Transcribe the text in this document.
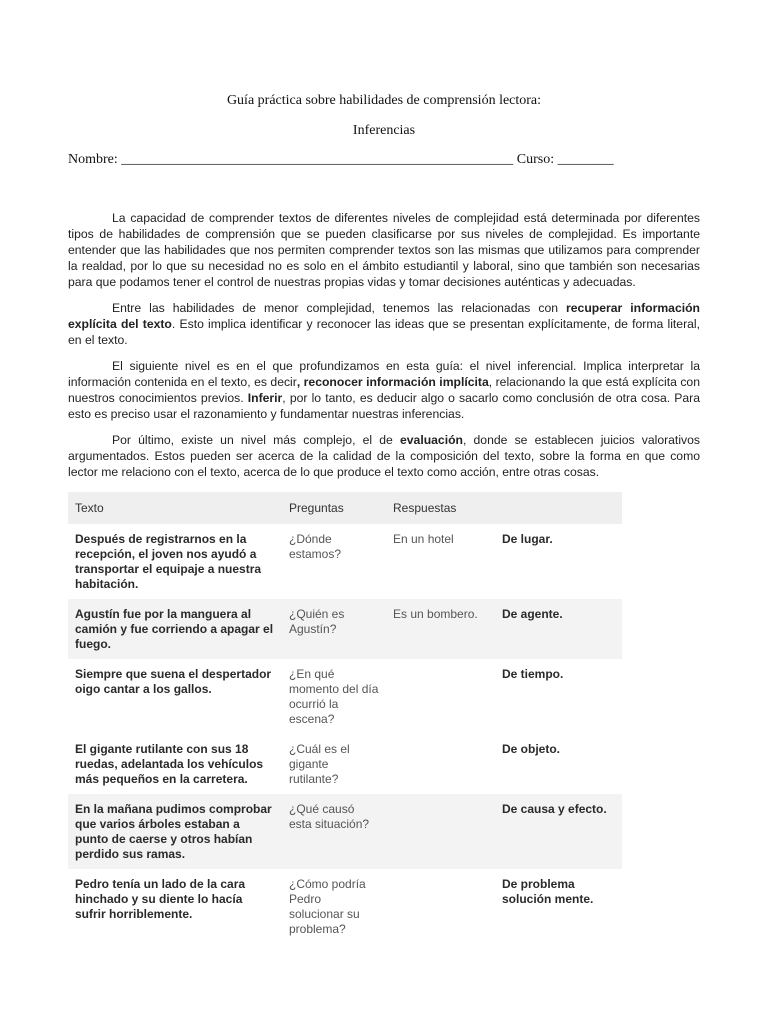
Guía práctica sobre habilidades de comprensión lectora:
Inferencias
Nombre: ________________________________________________________ Curso: ________

La capacidad de comprender textos de diferentes niveles de complejidad está determinada por diferentes tipos de habilidades de comprensión que se pueden clasificarse por sus niveles de complejidad. Es importante entender que las habilidades que nos permiten comprender textos son las mismas que utilizamos para comprender la realdad, por lo que su necesidad no es solo en el ámbito estudiantil y laboral, sino que también son necesarias para que podamos tener el control de nuestras propias vidas y tomar decisiones auténticas y adecuadas.

Entre las habilidades de menor complejidad, tenemos las relacionadas con recuperar información explícita del texto. Esto implica identificar y reconocer las ideas que se presentan explícitamente, de forma literal, en el texto.

El siguiente nivel es en el que profundizamos en esta guía: el nivel inferencial. Implica interpretar la información contenida en el texto, es decir, reconocer información implícita, relacionando la que está explícita con nuestros conocimientos previos. Inferir, por lo tanto, es deducir algo o sacarlo como conclusión de otra cosa. Para esto es preciso usar el razonamiento y fundamentar nuestras inferencias.

Por último, existe un nivel más complejo, el de evaluación, donde se establecen juicios valorativos argumentados. Estos pueden ser acerca de la calidad de la composición del texto, sobre la forma en que como lector me relaciono con el texto, acerca de lo que produce el texto como acción, entre otras cosas.

Texto	Preguntas	Respuestas	
Después de registrarnos en la recepción, el joven nos ayudó a transportar el equipaje a nuestra habitación.	¿Dónde estamos?	En un hotel	De lugar.
Agustín fue por la manguera al camión y fue corriendo a apagar el fuego.	¿Quién es Agustín?	Es un bombero.	De agente.
Siempre que suena el despertador oigo cantar a los gallos.	¿En qué momento del día ocurrió la escena?		De tiempo.
El gigante rutilante con sus 18 ruedas, adelantada los vehículos más pequeños en la carretera.	¿Cuál es el gigante rutilante?		De objeto.
En la mañana pudimos comprobar que varios árboles estaban a punto de caerse y otros habían perdido sus ramas.	¿Qué causó esta situación?		De causa y efecto.
Pedro tenía un lado de la cara hinchado y su diente lo hacía sufrir horriblemente.	¿Cómo podría Pedro solucionar su problema?		De problema solución mente.
